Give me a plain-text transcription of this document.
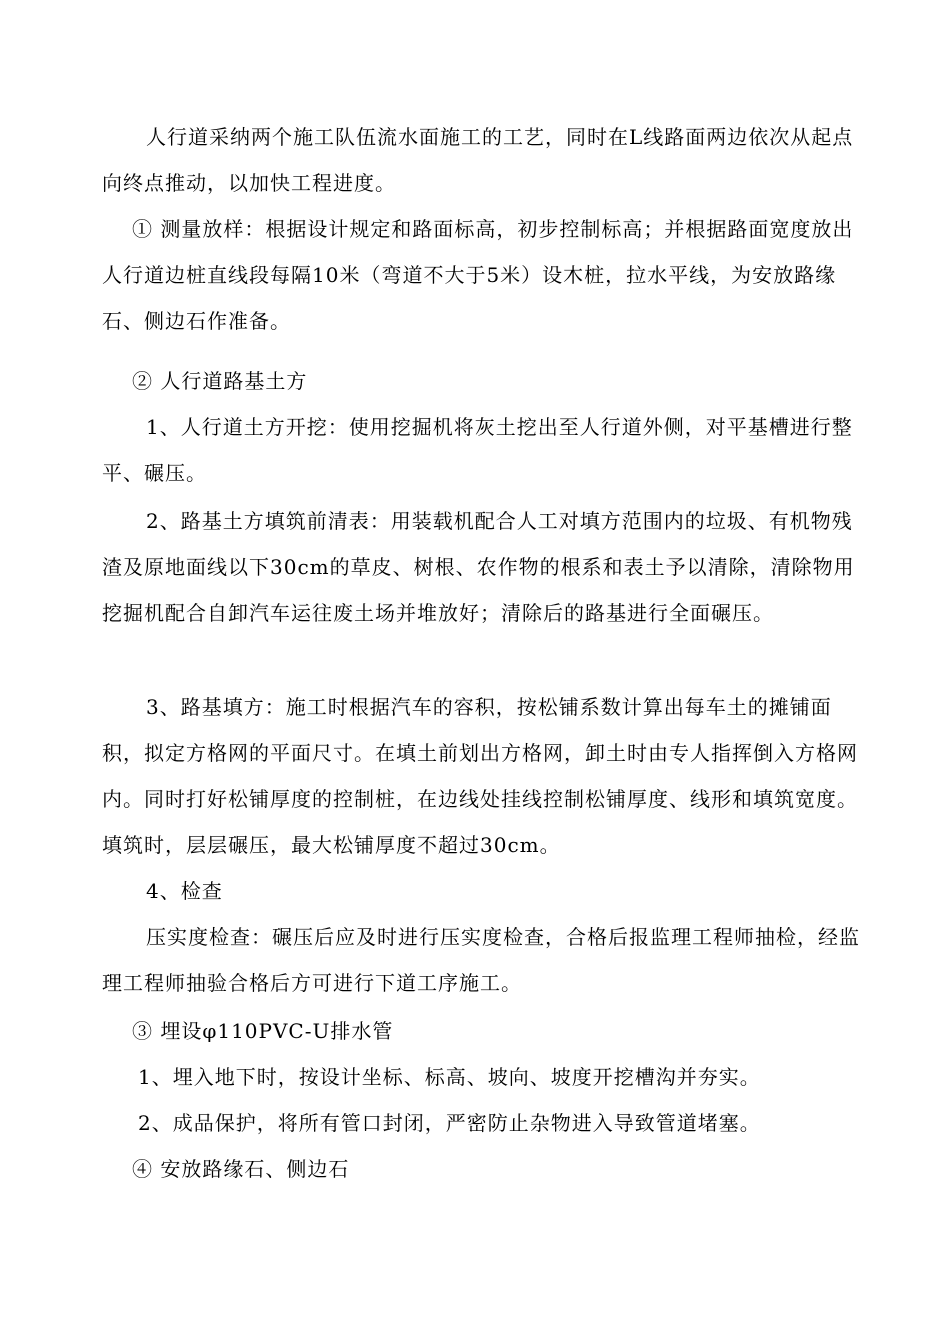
人行道采纳两个施工队伍流水面施工的工艺，同时在L线路面两边依次从起点向终点推动，以加快工程进度。

① 测量放样：根据设计规定和路面标高，初步控制标高；并根据路面宽度放出人行道边桩直线段每隔10米（弯道不大于5米）设木桩，拉水平线，为安放路缘石、侧边石作准备。

② 人行道路基土方

1、人行道土方开挖：使用挖掘机将灰土挖出至人行道外侧，对平基槽进行整平、碾压。

2、路基土方填筑前清表：用装载机配合人工对填方范围内的垃圾、有机物残渣及原地面线以下30cm的草皮、树根、农作物的根系和表土予以清除，清除物用挖掘机配合自卸汽车运往废土场并堆放好；清除后的路基进行全面碾压。

3、路基填方：施工时根据汽车的容积，按松铺系数计算出每车土的摊铺面积，拟定方格网的平面尺寸。在填土前划出方格网，卸土时由专人指挥倒入方格网内。同时打好松铺厚度的控制桩，在边线处挂线控制松铺厚度、线形和填筑宽度。填筑时，层层碾压，最大松铺厚度不超过30cm。

4、检查

压实度检查：碾压后应及时进行压实度检查，合格后报监理工程师抽检，经监理工程师抽验合格后方可进行下道工序施工。

③ 埋设φ110PVC-U排水管

1、埋入地下时，按设计坐标、标高、坡向、坡度开挖槽沟并夯实。

2、成品保护，将所有管口封闭，严密防止杂物进入导致管道堵塞。

④ 安放路缘石、侧边石
